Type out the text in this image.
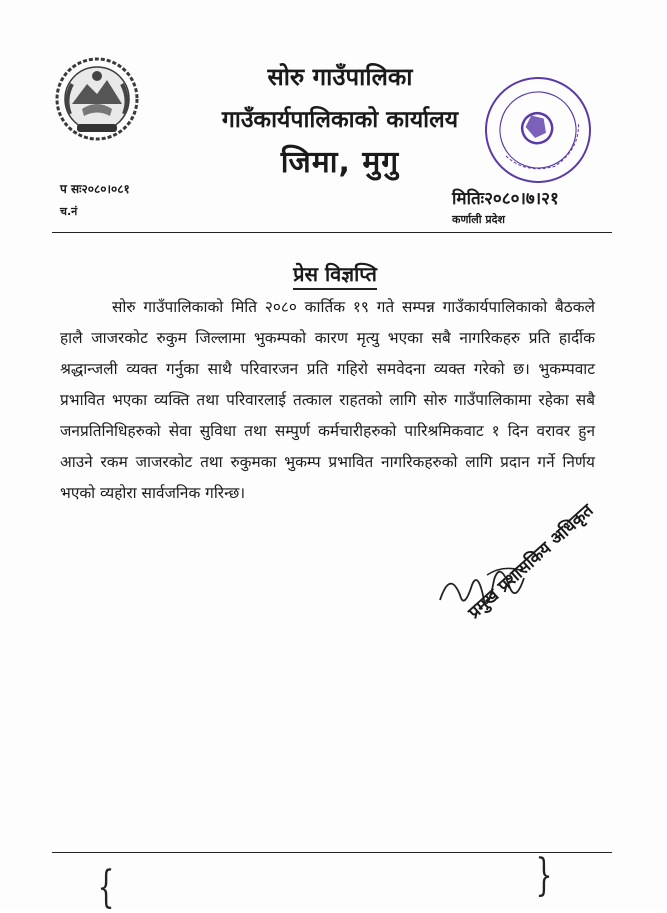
सोरु गाउँपालिका
गाउँकार्यपालिकाको कार्यालय
जिमा, मुगु
प सः२०८०।०८१
च.नं
मितिः२०८०।७।२१
कर्णाली प्रदेश
प्रेस विज्ञप्ति
सोरु गाउँपालिकाको मिति २०८० कार्तिक १९ गते सम्पन्न गाउँकार्यपालिकाको बैठकले हालै जाजरकोट रुकुम जिल्लामा भुकम्पको कारण मृत्यु भएका सबै नागरिकहरु प्रति हार्दीक श्रद्धान्जली व्यक्त गर्नुका साथै परिवारजन प्रति गहिरो समवेदना व्यक्त गरेको छ। भुकम्पवाट प्रभावित भएका व्यक्ति तथा परिवारलाई तत्काल राहतको लागि सोरु गाउँपालिकामा रहेका सबै जनप्रतिनिधिहरुको सेवा सुविधा तथा सम्पुर्ण कर्मचारीहरुको पारिश्रमिकवाट १ दिन वरावर हुन आउने रकम जाजरकोट तथा रुकुमका भुकम्प प्रभावित नागरिकहरुको लागि प्रदान गर्ने निर्णय भएको व्यहोरा सार्वजनिक गरिन्छ।
प्रमुख प्रशासकिय अधिकृत
{	}
